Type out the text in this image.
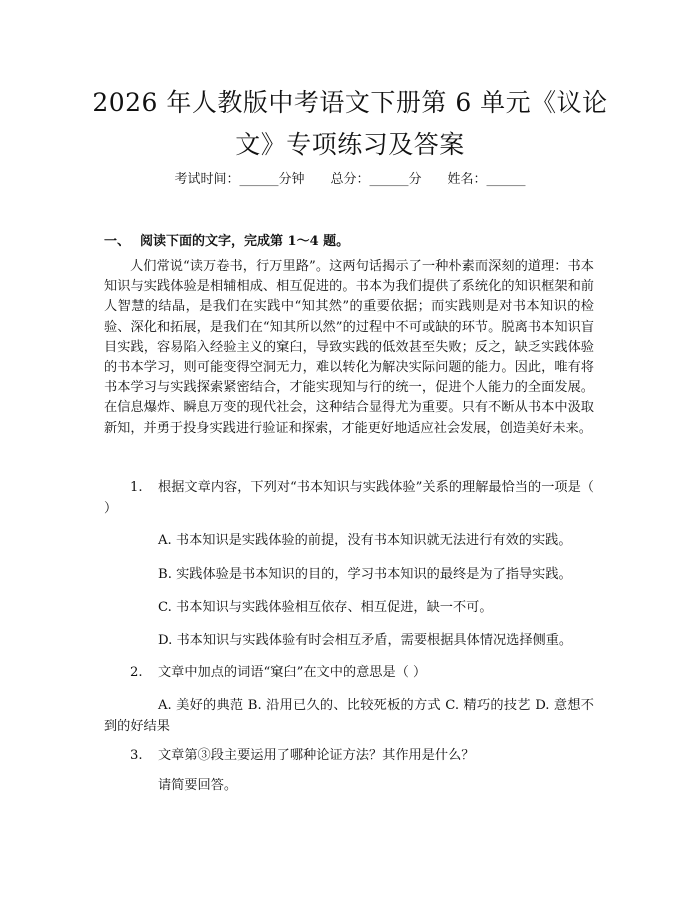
2026 年人教版中考语文下册第 6 单元《议论
文》专项练习及答案
考试时间：______分钟 总分：______分 姓名：______
一、 阅读下面的文字，完成第 1～4 题。

人们常说“读万卷书，行万里路”。这两句话揭示了一种朴素而深刻的道理：书本知识与实践体验是相辅相成、相互促进的。书本为我们提供了系统化的知识框架和前人智慧的结晶，是我们在实践中“知其然”的重要依据；而实践则是对书本知识的检验、深化和拓展，是我们在“知其所以然”的过程中不可或缺的环节。脱离书本知识盲目实践，容易陷入经验主义的窠臼，导致实践的低效甚至失败；反之，缺乏实践体验的书本学习，则可能变得空洞无力，难以转化为解决实际问题的能力。因此，唯有将书本学习与实践探索紧密结合，才能实现知与行的统一，促进个人能力的全面发展。在信息爆炸、瞬息万变的现代社会，这种结合显得尤为重要。只有不断从书本中汲取新知，并勇于投身实践进行验证和探索，才能更好地适应社会发展，创造美好未来。

1. 根据文章内容，下列对“书本知识与实践体验”关系的理解最恰当的一项是（ ）

A. 书本知识是实践体验的前提，没有书本知识就无法进行有效的实践。

B. 实践体验是书本知识的目的，学习书本知识的最终是为了指导实践。

C. 书本知识与实践体验相互依存、相互促进，缺一不可。

D. 书本知识与实践体验有时会相互矛盾，需要根据具体情况选择侧重。

2. 文章中加点的词语“窠臼”在文中的意思是（ ）

A. 美好的典范 B. 沿用已久的、比较死板的方式 C. 精巧的技艺 D. 意想不到的好结果

3. 文章第③段主要运用了哪种论证方法？其作用是什么？

请简要回答。
